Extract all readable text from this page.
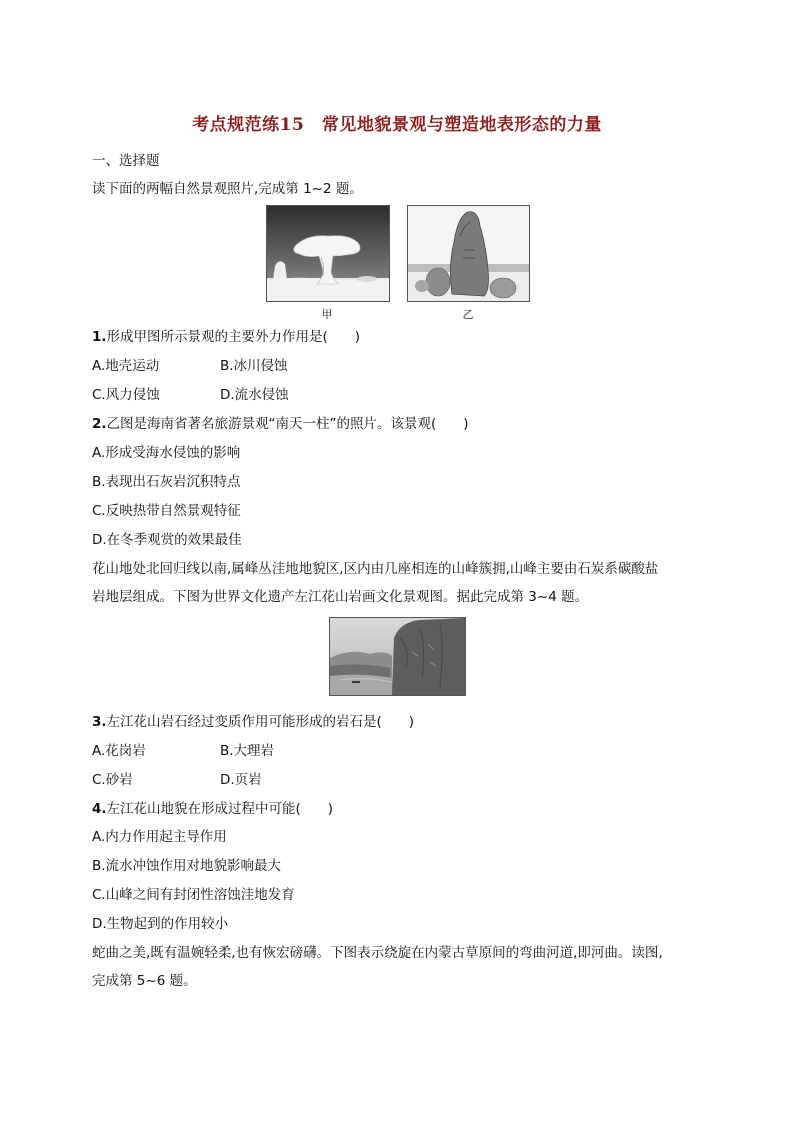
考点规范练15　常见地貌景观与塑造地表形态的力量
一、选择题
读下面的两幅自然景观照片,完成第 1~2 题。
甲	乙
1.形成甲图所示景观的主要外力作用是(　　)
A.地壳运动	B.冰川侵蚀
C.风力侵蚀	D.流水侵蚀
2.乙图是海南省著名旅游景观“南天一柱”的照片。该景观(　　)
A.形成受海水侵蚀的影响
B.表现出石灰岩沉积特点
C.反映热带自然景观特征
D.在冬季观赏的效果最佳
花山地处北回归线以南,属峰丛洼地地貌区,区内由几座相连的山峰簇拥,山峰主要由石炭系碳酸盐
岩地层组成。下图为世界文化遗产左江花山岩画文化景观图。据此完成第 3~4 题。
3.左江花山岩石经过变质作用可能形成的岩石是(　　)
A.花岗岩	B.大理岩
C.砂岩	D.页岩
4.左江花山地貌在形成过程中可能(　　)
A.内力作用起主导作用
B.流水冲蚀作用对地貌影响最大
C.山峰之间有封闭性溶蚀洼地发育
D.生物起到的作用较小
蛇曲之美,既有温婉轻柔,也有恢宏磅礴。下图表示绕旋在内蒙古草原间的弯曲河道,即河曲。读图,
完成第 5~6 题。
